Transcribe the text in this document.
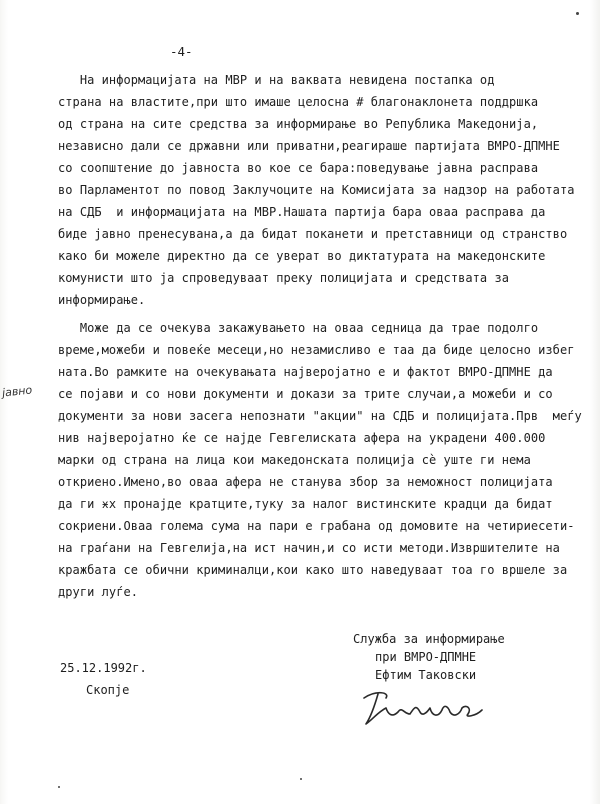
-4-
На информацијата на МВР и на ваквата невидена постапка од
страна на властите,при што имаше целосна # благонаклонета поддршка
од страна на сите средства за информирање во Република Македонија,
независно дали се државни или приватни,реагираше партијата ВМРО-ДПМНЕ
со соопштение до јавноста во кое се бара:поведување јавна расправа
во Парламентот по повод Заклучоците на Комисијата за надзор на работата
на СДБ  и информацијата на МВР.Нашата партија бара оваа расправа да
биде јавно пренесувана,а да бидат поканети и претставници од странство
како би можеле директно да се уверат во диктатурата на македонските
комунисти што ја спроведуваат преку полицијата и средствата за
информирање.
Може да се очекува закажувањето на оваа седница да трае подолго
време,можеби и повеќе месеци,но незамисливо е таа да биде целосно избег
ната.Во рамките на очекувањата најверојатно е и фактот ВМРО-ДПМНЕ да
се појави и со нови документи и докази за трите случаи,а можеби и со
документи за нови засега непознати "акции" на СДБ и полицијата.Прв  меѓу
нив најверојатно ќе се најде Гевгелиската афера на украдени 400.000
марки од страна на лица кои македонската полиција сѐ уште ги нема
откриено.Имено,во оваа афера не станува збор за неможност полицијата
да ги ӿх пронајде кратците,туку за налог вистинските крадци да бидат
сокриени.Оваа голема сума на пари е грабана од домовите на четириесети-
на граѓани на Гевгелија,на ист начин,и со исти методи.Извршителите на
кражбата се обични криминалци,кои како што наведуваат тоа го вршеле за
други луѓе.
јавно
25.12.1992г.
Скопје
Служба за информирање
при ВМРО-ДПМНЕ
Ефтим Таковски
